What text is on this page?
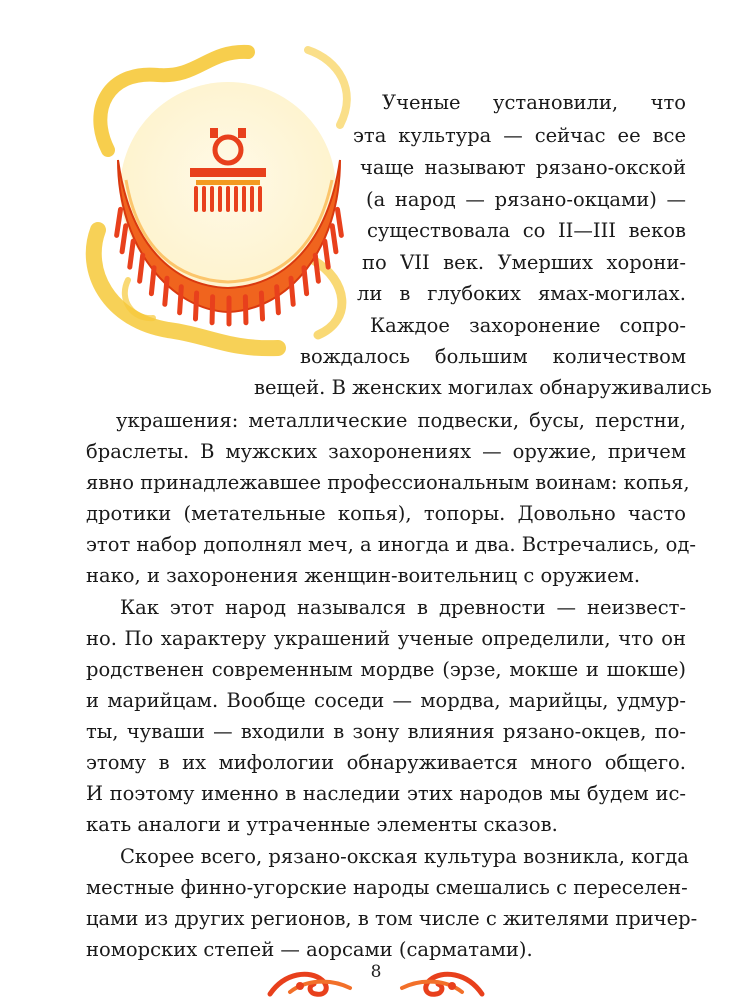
Ученые установили, что
эта культура — сейчас ее все
чаще называют рязано-окской
(а народ — рязано-окцами) —
существовала со II—III веков
по VII век. Умерших хорони-
ли в глубоких ямах-могилах.
Каждое захоронение сопро-
вождалось большим количеством
вещей. В женских могилах обнаруживались
украшения: металлические подвески, бусы, перстни,
браслеты. В мужских захоронениях — оружие, причем
явно принадлежавшее профессиональным воинам: копья,
дротики (метательные копья), топоры. Довольно часто
этот набор дополнял меч, а иногда и два. Встречались, од-
нако, и захоронения женщин-воительниц с оружием.
Как этот народ назывался в древности — неизвест-
но. По характеру украшений ученые определили, что он
родственен современным мордве (эрзе, мокше и шокше)
и марийцам. Вообще соседи — мордва, марийцы, удмур-
ты, чуваши — входили в зону влияния рязано-окцев, по-
этому в их мифологии обнаруживается много общего.
И поэтому именно в наследии этих народов мы будем ис-
кать аналоги и утраченные элементы сказов.
Скорее всего, рязано-окская культура возникла, когда
местные финно-угорские народы смешались с переселен-
цами из других регионов, в том числе с жителями причер-
номорских степей — аорсами (сарматами).
8
